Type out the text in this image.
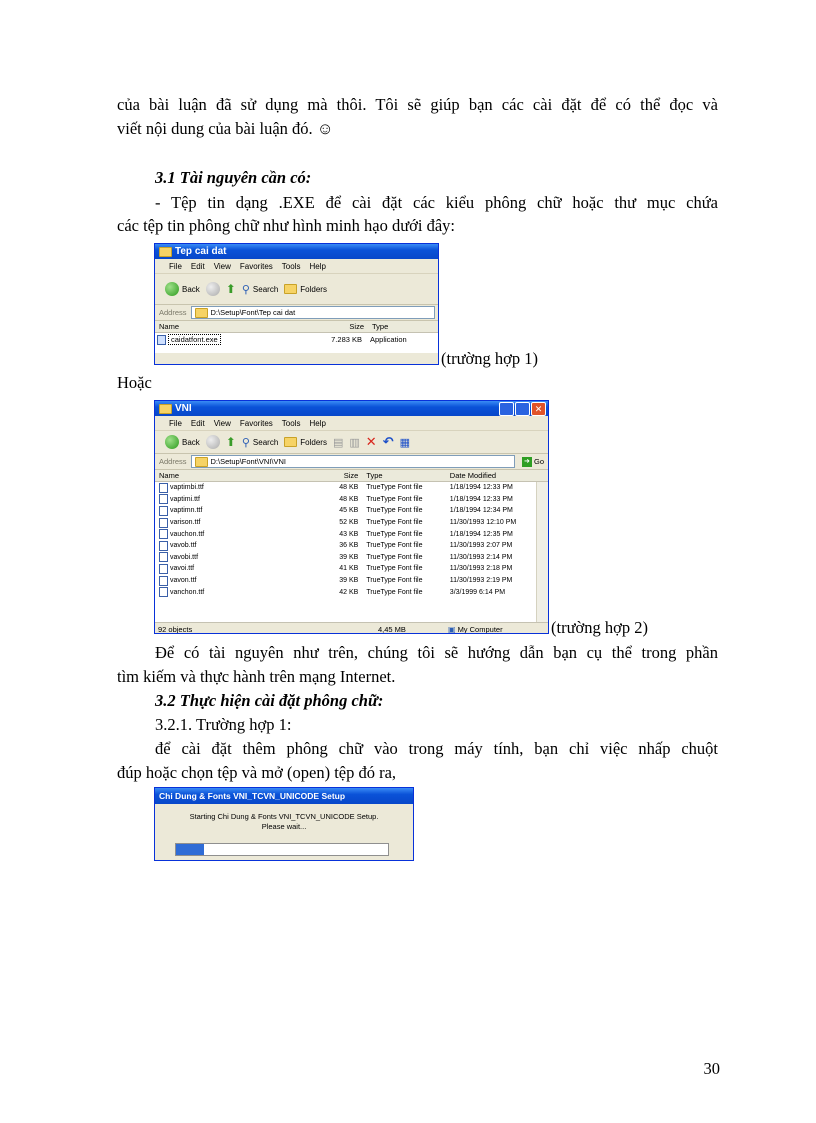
của bài luận đã sử dụng mà thôi. Tôi sẽ giúp bạn các cài đặt để có thể đọc và

viết nội dung của bài luận đó. ☺

3.1 Tài nguyên cần có:

- Tệp tin dạng .EXE để cài đặt các kiểu phông chữ hoặc thư mục chứa

các tệp tin phông chữ như hình minh hạo dưới đây:

Tep cai dat
File Edit View Favorites Tools Help
Back ⬆ ⚲ Search	Folders
Address	D:\Setup\Font\Tep cai dat
Name	Size	Type
caidatfont.exe	7.283 KB	Application

(trường hợp 1)

Hoặc

VNI	✕
File Edit View Favorites Tools Help
Back ⬆ ⚲ Search	Folders ▤ ▥ ✕ ↶ ▦
Address	D:\Setup\Font\VNI\VNI	➜ Go
Name	Size	Type	Date Modified
vaptimbi.ttf	48 KB	TrueType Font file	1/18/1994 12:33 PM
vaptimi.ttf	48 KB	TrueType Font file	1/18/1994 12:33 PM
vaptimn.ttf	45 KB	TrueType Font file	1/18/1994 12:34 PM
varison.ttf	52 KB	TrueType Font file	11/30/1993 12:10 PM
vauchon.ttf	43 KB	TrueType Font file	1/18/1994 12:35 PM
vavob.ttf	36 KB	TrueType Font file	11/30/1993 2:07 PM
vavobi.ttf	39 KB	TrueType Font file	11/30/1993 2:14 PM
vavoi.ttf	41 KB	TrueType Font file	11/30/1993 2:18 PM
vavon.ttf	39 KB	TrueType Font file	11/30/1993 2:19 PM
vanchon.ttf	42 KB	TrueType Font file	3/3/1999 6:14 PM
92 objects	4,45 MB	▣ My Computer	(trường hợp 2)

Để có tài nguyên như trên, chúng tôi sẽ hướng dẫn bạn cụ thể trong phần

tìm kiếm và thực hành trên mạng Internet.

3.2 Thực hiện cài đặt phông chữ:

3.2.1. Trường hợp 1:

để cài đặt thêm phông chữ vào trong máy tính, bạn chỉ việc nhấp chuột

đúp hoặc chọn tệp và mở (open) tệp đó ra,

Chi Dung & Fonts VNI_TCVN_UNICODE Setup
Starting Chi Dung & Fonts VNI_TCVN_UNICODE Setup.
Please wait...

30
